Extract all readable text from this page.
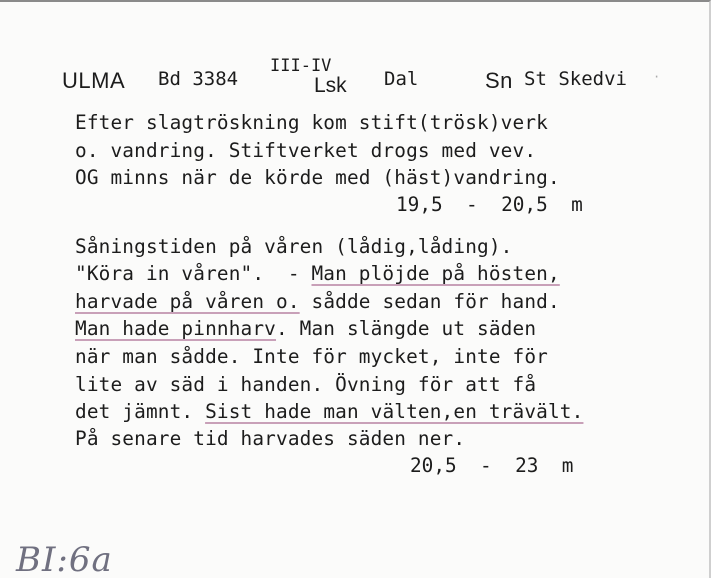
ULMA Bd 3384
III-IV
Lsk Dal	Sn St Skedvi ·
Efter slagtröskning kom stift(trösk)verk
o. vandring. Stiftverket drogs med vev.
OG minns när de körde med (häst)vandring.
19,5  -  20,5  m
Såningstiden på våren (lådig,låding).
"Köra in våren".  - Man plöjde på hösten,
harvade på våren o. sådde sedan för hand.
Man hade pinnharv. Man slängde ut säden
när man sådde. Inte för mycket, inte för
lite av säd i handen. Övning för att få
det jämnt. Sist hade man välten,en trävält.
På senare tid harvades säden ner.
20,5  -  23  m
BI:6a
